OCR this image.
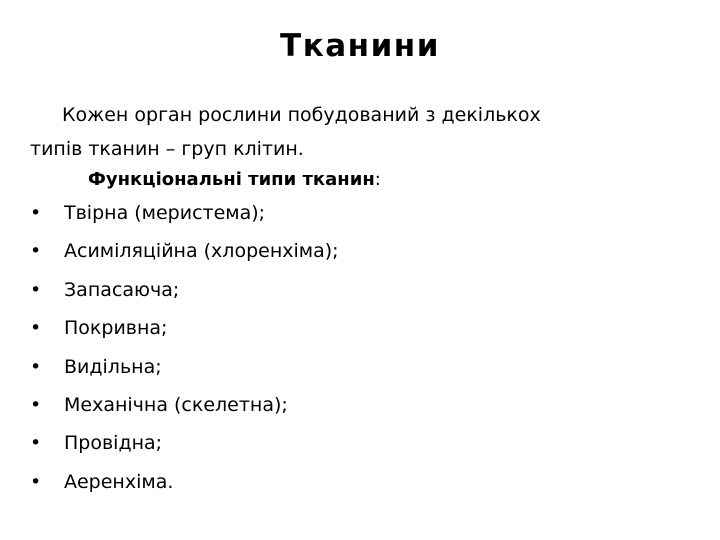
Тканини

Кожен орган рослини побудований з декількох
типів тканин – груп клітин.

Функціональні типи тканин:
•	Твірна (меристема);
•	Асиміляційна (хлоренхіма);
•	Запасаюча;
•	Покривна;
•	Видільна;
•	Механічна (скелетна);
•	Провідна;
•	Аеренхіма.
